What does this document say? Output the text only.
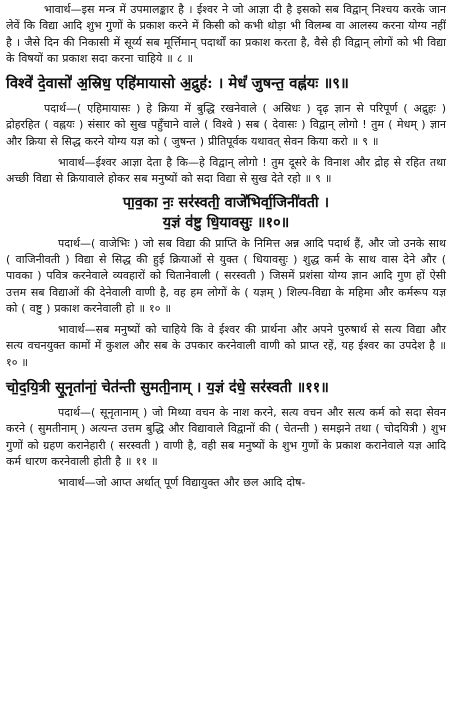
भावार्थ—इस मन्त्र में उपमालङ्कार है । ईश्वर ने जो आज्ञा दी है इसको सब विद्वान् निश्चय करके जान लेवें कि विद्या आदि शुभ गुणों के प्रकाश करने में किसी को कभी थोड़ा भी विलम्ब वा आलस्य करना योग्य नहीं है । जैसे दिन की निकासी में सूर्य्य सब मूर्त्तिमान् पदार्थों का प्रकाश करता है, वैसे ही विद्वान् लोगों को भी विद्या के विषयों का प्रकाश सदा करना चाहिये ॥ ८ ॥

विश्वे॑ दे॒वासो॑ अ॒स्रिध॒ एहि॑मायासो अ॒द्रुह॑: । मेधं॑ जुषन्त॒ वह्न॑यः ॥९॥

पदार्थ—( एहिमायासः ) हे क्रिया में बुद्धि रखनेवाले ( अस्रिधः ) दृढ़ ज्ञान से परिपूर्ण ( अद्रुहः ) द्रोहरहित ( वह्नयः ) संसार को सुख पहुँचाने वाले ( विश्वे ) सब ( देवासः ) विद्वान् लोगो ! तुम ( मेधम् ) ज्ञान और क्रिया से सिद्ध करने योग्य यज्ञ को ( जुषन्त ) प्रीतिपूर्वक यथावत् सेवन किया करो ॥ ९ ॥

भावार्थ—ईश्वर आज्ञा देता है कि—हे विद्वान् लोगो ! तुम दूसरे के विनाश और द्रोह से रहित तथा अच्छी विद्या से क्रियावाले होकर सब मनुष्यों को सदा विद्या से सुख देते रहो ॥ ९ ॥

पा॒व॒का नः॒ सर॑स्वती॒ वाजे॑भिर्वा॒जिनी॑वती ।

य॒ज्ञं व॑ष्टु धि॒यावसुः ॥१०॥

पदार्थ—( वाजेभिः ) जो सब विद्या की प्राप्ति के निमित्त अन्न आदि पदार्थ हैं, और जो उनके साथ ( वाजिनीवती ) विद्या से सिद्ध की हुई क्रियाओं से युक्त ( धियावसुः ) शुद्ध कर्म के साथ वास देने और ( पावका ) पवित्र करनेवाले व्यवहारों को चितानेवाली ( सरस्वती ) जिसमें प्रशंसा योग्य ज्ञान आदि गुण हों ऐसी उत्तम सब विद्याओं की देनेवाली वाणी है, वह हम लोगों के ( यज्ञम् ) शिल्प-विद्या के महिमा और कर्मरूप यज्ञ को ( वष्टु ) प्रकाश करनेवाली हो ॥ १० ॥

भावार्थ—सब मनुष्यों को चाहिये कि वे ईश्वर की प्रार्थना और अपने पुरुषार्थ से सत्य विद्या और सत्य वचनयुक्त कामों में कुशल और सब के उपकार करनेवाली वाणी को प्राप्त रहें, यह ईश्वर का उपदेश है ॥ १० ॥

चो॒द॒यि॒त्री सू॒नृता॑नां॒ चेत॑न्ती सुमती॒नाम् । य॒ज्ञं द॑धे॒ सर॑स्वती ॥११॥

पदार्थ—( सूनृतानाम् ) जो मिथ्या वचन के नाश करने, सत्य वचन और सत्य कर्म को सदा सेवन करने ( सुमतीनाम् ) अत्यन्त उत्तम बुद्धि और विद्यावाले विद्वानों की ( चेतन्ती ) समझने तथा ( चोदयित्री ) शुभ गुणों को ग्रहण करानेहारी ( सरस्वती ) वाणी है, वही सब मनुष्यों के शुभ गुणों के प्रकाश करानेवाले यज्ञ आदि कर्म धारण करनेवाली होती है ॥ ११ ॥

भावार्थ—जो आप्त अर्थात् पूर्ण विद्यायुक्त और छल आदि दोष-
